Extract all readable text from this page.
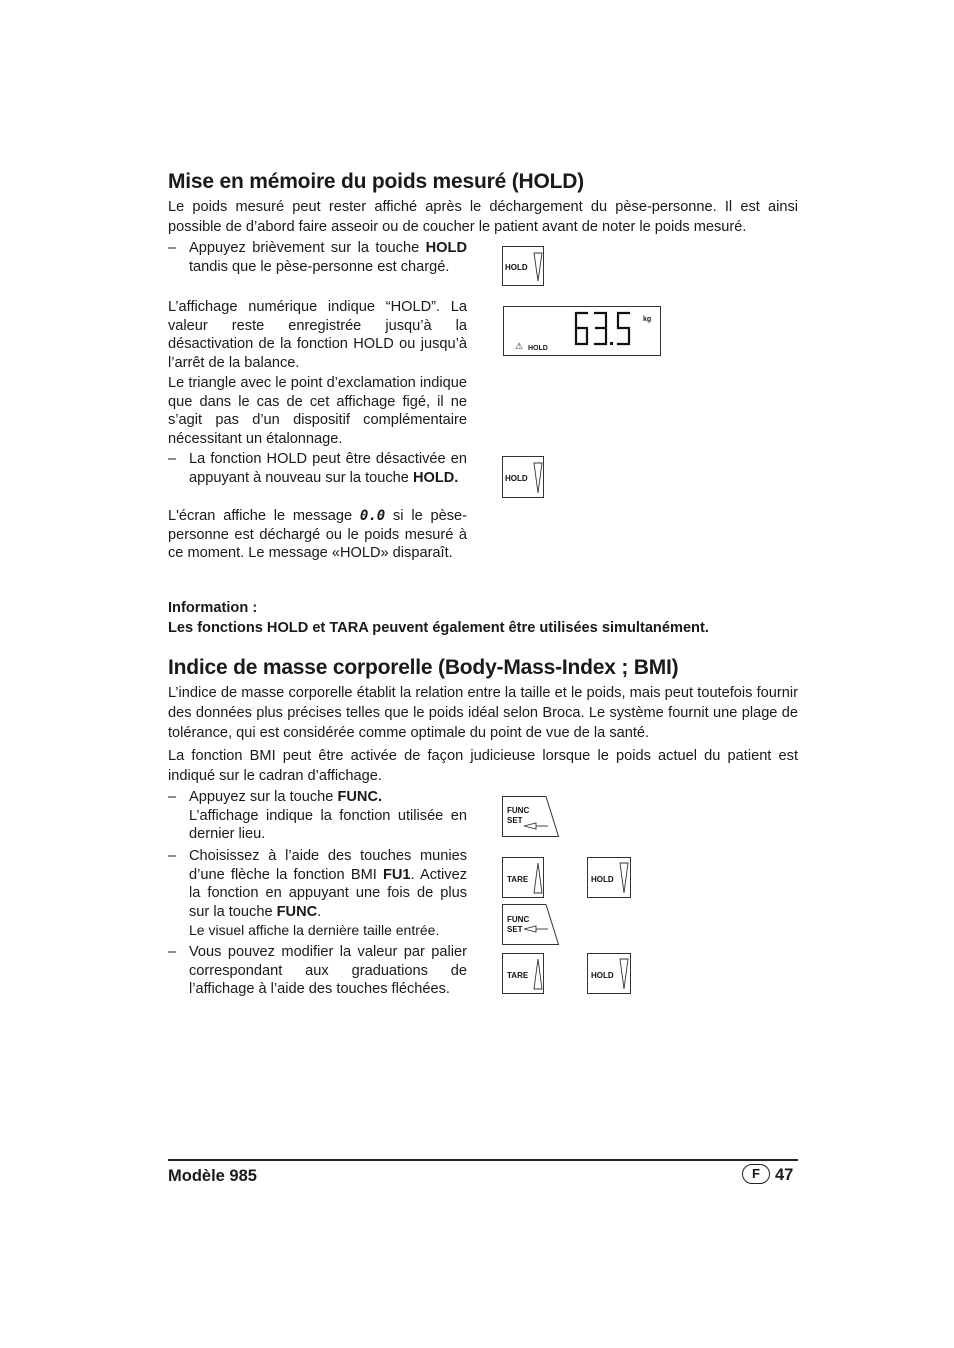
Mise en mémoire du poids mesuré (HOLD)
Le poids mesuré peut rester affiché après le déchargement du pèse-personne. Il est ainsi possible de d’abord faire asseoir ou de coucher le patient avant de noter le poids mesuré.
– Appuyez brièvement sur la touche HOLD tandis que le pèse-personne est chargé.
L’affichage numérique indique “HOLD”. La valeur reste enregistrée jusqu’à la désactivation de la fonction HOLD ou jusqu’à l’arrêt de la balance.
Le triangle avec le point d’exclamation indique que dans le cas de cet affichage figé, il ne s’agit pas d’un dispositif complémentaire nécessitant un étalonnage.
– La fonction HOLD peut être désactivée en appuyant à nouveau sur la touche HOLD.
L'écran affiche le message 0.0 si le pèse-personne est déchargé ou le poids mesuré à ce moment. Le message «HOLD» disparaît.
Information :
Les fonctions HOLD et TARA peuvent également être utilisées simultanément.
HOLD
kg
⚠ HOLD
HOLD
Indice de masse corporelle (Body-Mass-Index ; BMI)
L’indice de masse corporelle établit la relation entre la taille et le poids, mais peut toutefois fournir des données plus précises telles que le poids idéal selon Broca. Le système fournit une plage de tolérance, qui est considérée comme optimale du point de vue de la santé.
La fonction BMI peut être activée de façon judicieuse lorsque le poids actuel du patient est indiqué sur le cadran d’affichage.
– Appuyez sur la touche FUNC.
L’affichage indique la fonction utilisée en dernier lieu.
– Choisissez à l’aide des touches munies d’une flèche la fonction BMI FU1. Activez la fonction en appuyant une fois de plus sur la touche FUNC.
Le visuel affiche la dernière taille entrée.
– Vous pouvez modifier la valeur par palier correspondant aux graduations de l’affichage à l’aide des touches fléchées.
FUNC
SET
TARE	HOLD
FUNC
SET
TARE	HOLD
Modèle 985	F 47
